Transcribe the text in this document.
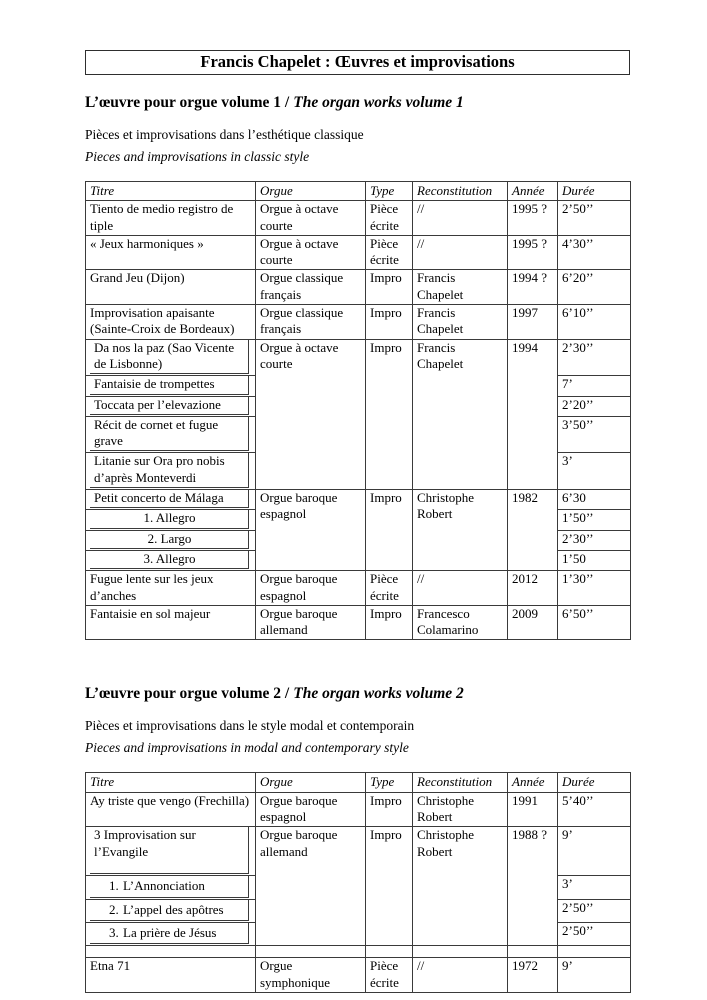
Francis Chapelet : Œuvres et improvisations
L’œuvre pour orgue volume 1 / The organ works volume 1
Pièces et improvisations dans l’esthétique classique
Pieces and improvisations in classic style
Titre	Orgue	Type	Reconstitution	Année	Durée
Tiento de medio registro de tiple	Orgue à octave courte	Pièce écrite	//	1995 ?	2’50’’
« Jeux harmoniques »	Orgue à octave courte	Pièce écrite	//	1995 ?	4’30’’
Grand Jeu (Dijon)	Orgue classique français	Impro	Francis Chapelet	1994 ?	6’20’’
Improvisation apaisante (Sainte-Croix de Bordeaux)	Orgue classique français	Impro	Francis Chapelet	1997	6’10’’

Da nos la paz (Sao Vicente de Lisbonne)	Orgue à octave courte	Impro	Francis Chapelet	1994	2’30’’

Fantaisie de trompettes					7’

Toccata per l’elevazione					2’20’’

Récit de cornet et fugue grave					3’50’’

Litanie sur Ora pro nobis d’après Monteverdi					3’

Petit concerto de Málaga	Orgue baroque espagnol	Impro	Christophe Robert	1982	6’30

1. Allegro					1’50’’

2. Largo					2’30’’

3. Allegro					1’50
Fugue lente sur les jeux d’anches	Orgue baroque espagnol	Pièce écrite	//	2012	1’30’’
Fantaisie en sol majeur	Orgue baroque allemand	Impro	Francesco Colamarino	2009	6’50’’
L’œuvre pour orgue volume 2 / The organ works volume 2
Pièces et improvisations dans le style modal et contemporain
Pieces and improvisations in modal and contemporary style
Titre	Orgue	Type	Reconstitution	Année	Durée
Ay triste que vengo (Frechilla)	Orgue baroque espagnol	Impro	Christophe Robert	1991	5’40’’

3 Improvisation sur l’Evangile	Orgue baroque allemand	Impro	Christophe Robert	1988 ?	9’

1. L’Annonciation					3’

2. L’appel des apôtres					2’50’’

3. La prière de Jésus					2’50’’

Etna 71	Orgue symphonique	Pièce écrite	//	1972	9’
